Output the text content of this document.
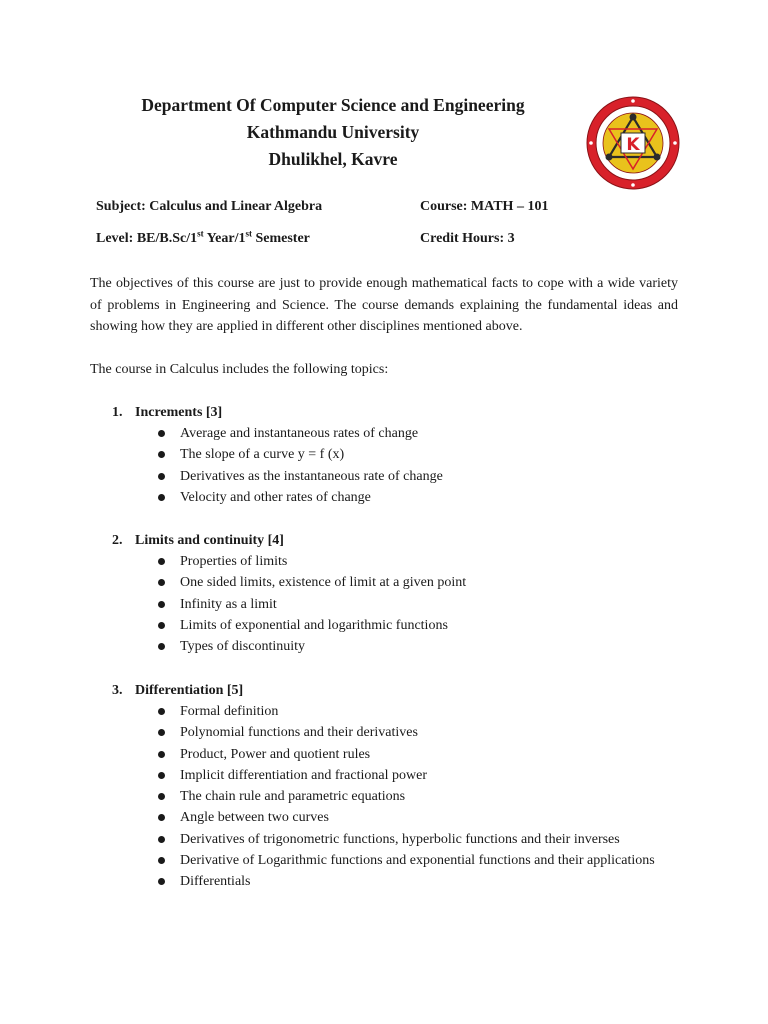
Department Of Computer Science and Engineering
Kathmandu University
Dhulikhel, Kavre
K
Subject: Calculus and Linear Algebra	Course: MATH – 101
Level: BE/B.Sc/1st Year/1st Semester	Credit Hours: 3
The objectives of this course are just to provide enough mathematical facts to cope with a wide variety of problems in Engineering and Science. The course demands explaining the fundamental ideas and showing how they are applied in different other disciplines mentioned above.
The course in Calculus includes the following topics:
1. Increments [3]
Average and instantaneous rates of change
The slope of a curve y = f (x)
Derivatives as the instantaneous rate of change
Velocity and other rates of change
2. Limits and continuity [4]
Properties of limits
One sided limits, existence of limit at a given point
Infinity as a limit
Limits of exponential and logarithmic functions
Types of discontinuity
3. Differentiation [5]
Formal definition
Polynomial functions and their derivatives
Product, Power and quotient rules
Implicit differentiation and fractional power
The chain rule and parametric equations
Angle between two curves
Derivatives of trigonometric functions, hyperbolic functions and their inverses
Derivative of Logarithmic functions and exponential functions and their applications
Differentials
